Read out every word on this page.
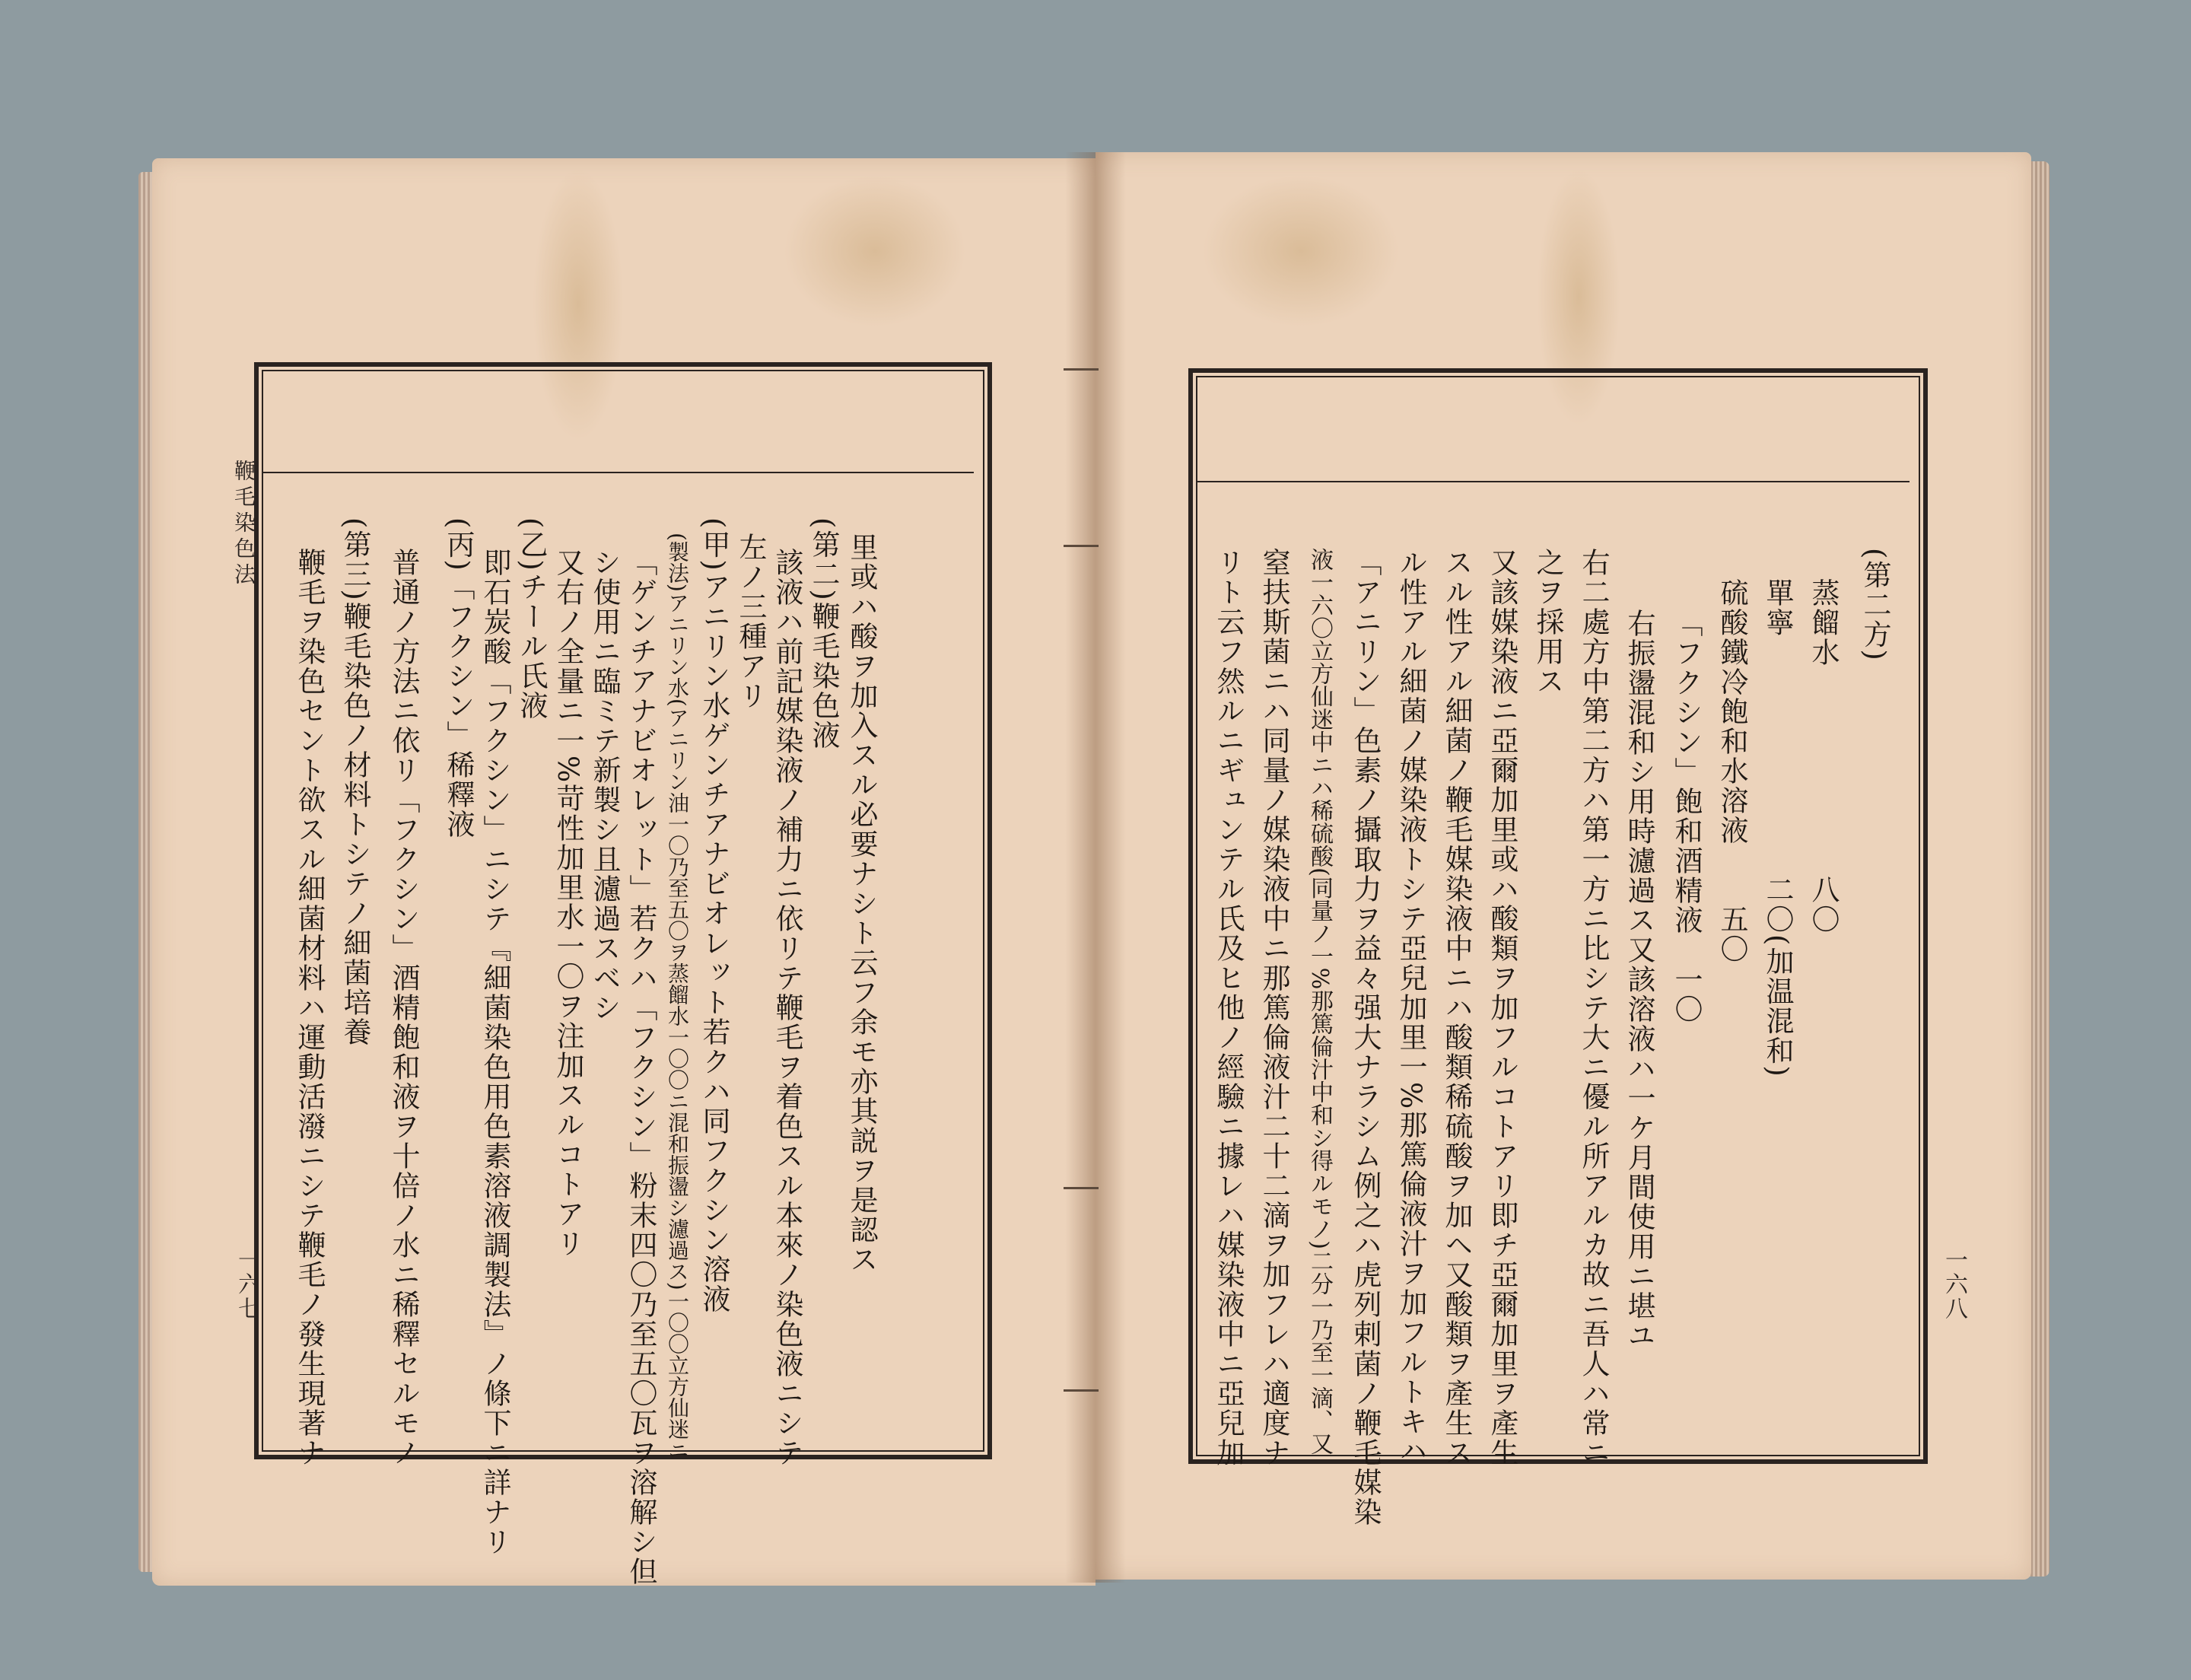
鞭毛染色法
一六七
里或ハ酸ヲ加入スル必要ナシト云フ余モ亦其説ヲ是認ス
(第二)鞭毛染色液
該液ハ前記媒染液ノ補力ニ依リテ鞭毛ヲ着色スル本來ノ染色液ニシテ
左ノ三種アリ
(甲)アニリン水ゲンチアナビオレット若クハ同フクシン溶液
(製法)アニリン水(アニリン油一〇乃至五〇ヲ蒸餾水一〇〇ニ混和振盪シ濾過ス)一〇〇立方仙迷ニ
「ゲンチアナビオレット」若クハ「フクシン」粉末四〇乃至五〇瓦ヲ溶解シ但
シ使用ニ臨ミテ新製シ且濾過スベシ
又右ノ全量ニ一%苛性加里水一〇ヲ注加スルコトアリ
(乙)チール氏液
即石炭酸「フクシン」ニシテ『細菌染色用色素溶液調製法』ノ條下ニ詳ナリ
(丙)「フクシン」稀釋液
普通ノ方法ニ依リ「フクシン」酒精飽和液ヲ十倍ノ水ニ稀釋セルモノ
(第三)鞭毛染色ノ材料トシテノ細菌培養
鞭毛ヲ染色セント欲スル細菌材料ハ運動活潑ニシテ鞭毛ノ發生現著ナ	一六八
(第二方)
蒸餾水　　　　　　　八〇
單寧　　　　　　　　二〇(加温混和)
硫酸鐵冷飽和水溶液　　五〇
「フクシン」飽和酒精液　一〇
右振盪混和シ用時濾過ス又該溶液ハ一ケ月間使用ニ堪ユ
右二處方中第二方ハ第一方ニ比シテ大ニ優ル所アルカ故ニ吾人ハ常ニ
之ヲ採用ス
又該媒染液ニ亞爾加里或ハ酸類ヲ加フルコトアリ即チ亞爾加里ヲ產生
スル性アル細菌ノ鞭毛媒染液中ニハ酸類稀硫酸ヲ加ヘ又酸類ヲ產生ス
ル性アル細菌ノ媒染液トシテ亞兒加里一%那篤倫液汁ヲ加フルトキハ
「アニリン」色素ノ攝取力ヲ益々强大ナラシム例之ハ虎列剌菌ノ鞭毛媒染
液一六〇立方仙迷中ニハ稀硫酸(同量ノ一%那篤倫汁中和シ得ルモノ)二分一乃至一滴、又
窒扶斯菌ニハ同量ノ媒染液中ニ那篤倫液汁二十二滴ヲ加フレハ適度ナ
リト云フ然ルニギュンテル氏及ヒ他ノ經驗ニ據レハ媒染液中ニ亞兒加
